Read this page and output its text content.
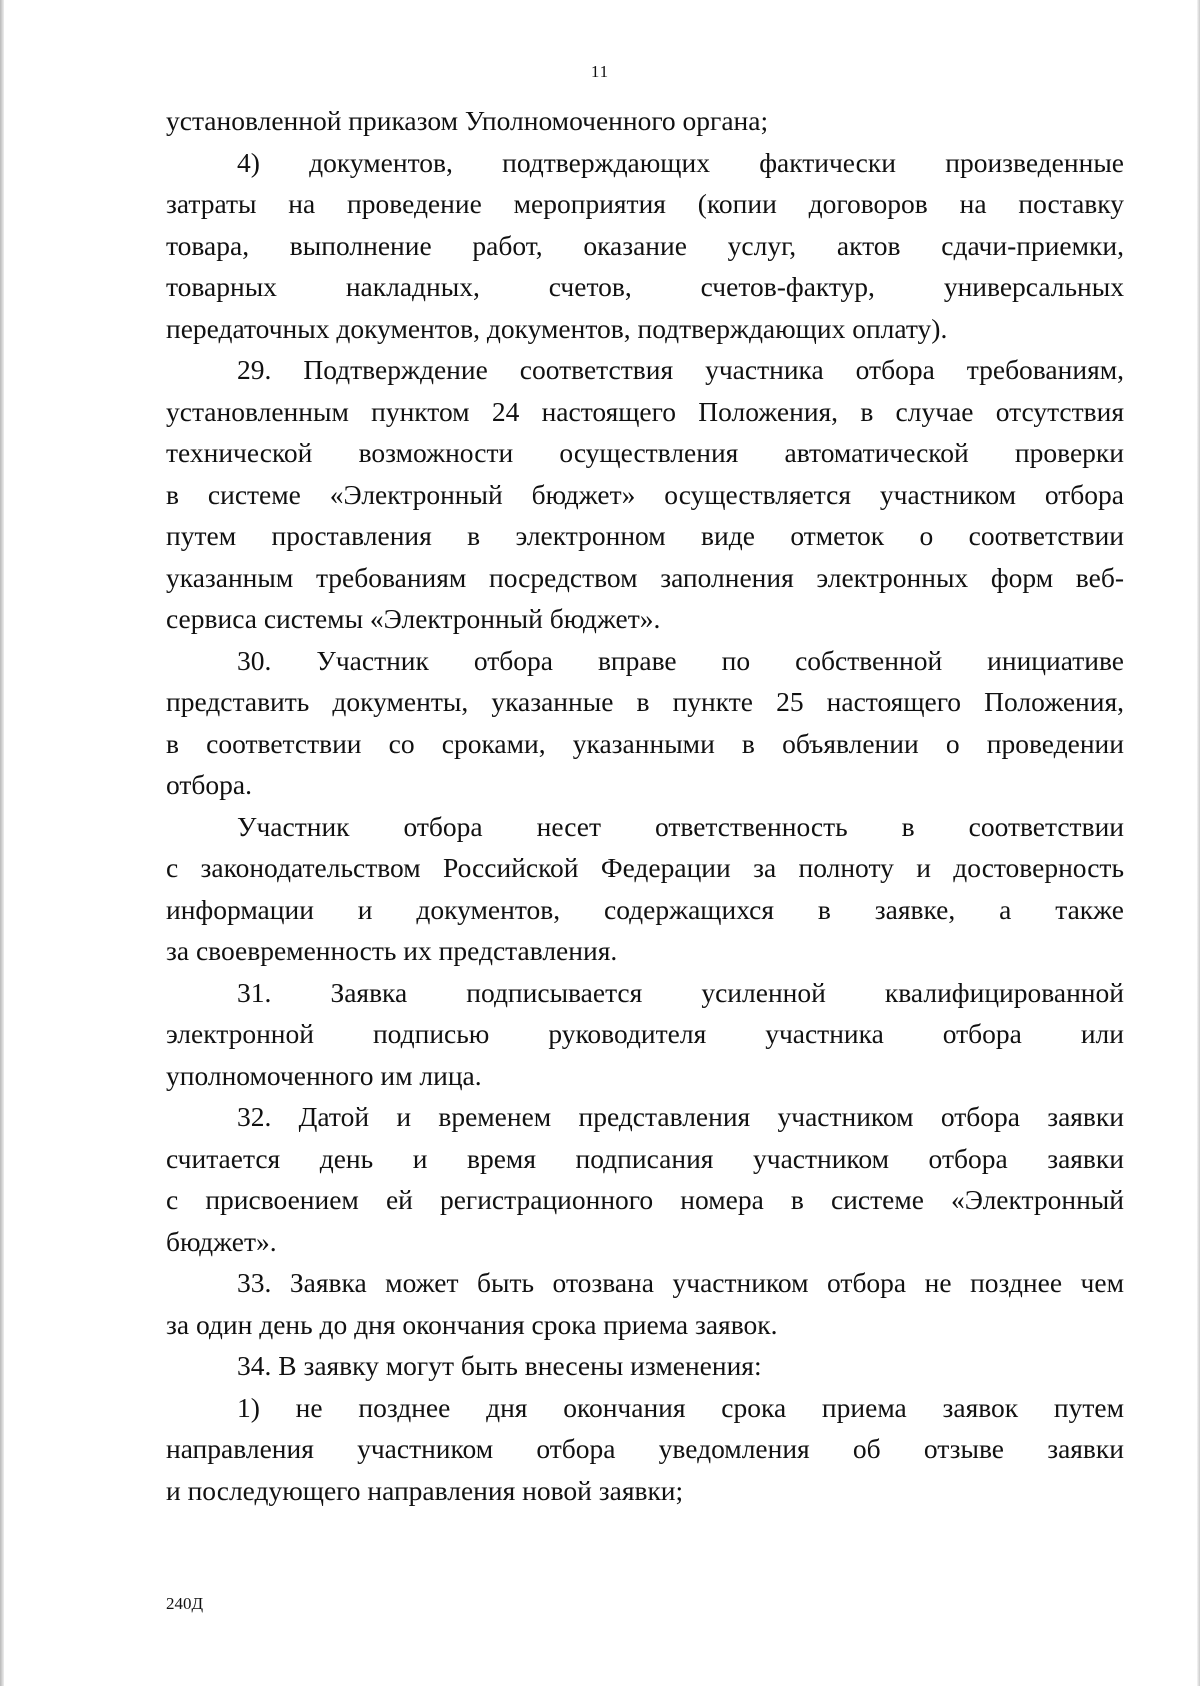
11
установленной приказом Уполномоченного органа;
4) документов, подтверждающих фактически произведенные
затраты на проведение мероприятия (копии договоров на поставку
товара, выполнение работ, оказание услуг, актов сдачи-приемки,
товарных накладных, счетов, счетов-фактур, универсальных
передаточных документов, документов, подтверждающих оплату).
29. Подтверждение соответствия участника отбора требованиям,
установленным пунктом 24 настоящего Положения, в случае отсутствия
технической возможности осуществления автоматической проверки
в системе «Электронный бюджет» осуществляется участником отбора
путем проставления в электронном виде отметок о соответствии
указанным требованиям посредством заполнения электронных форм веб-
сервиса системы «Электронный бюджет».
30. Участник отбора вправе по собственной инициативе
представить документы, указанные в пункте 25 настоящего Положения,
в соответствии со сроками, указанными в объявлении о проведении
отбора.
Участник отбора несет ответственность в соответствии
с законодательством Российской Федерации за полноту и достоверность
информации и документов, содержащихся в заявке, а также
за своевременность их представления.
31. Заявка подписывается усиленной квалифицированной
электронной подписью руководителя участника отбора или
уполномоченного им лица.
32. Датой и временем представления участником отбора заявки
считается день и время подписания участником отбора заявки
с присвоением ей регистрационного номера в системе «Электронный
бюджет».
33. Заявка может быть отозвана участником отбора не позднее чем
за один день до дня окончания срока приема заявок.
34. В заявку могут быть внесены изменения:
1) не позднее дня окончания срока приема заявок путем
направления участником отбора уведомления об отзыве заявки
и последующего направления новой заявки;
240Д
